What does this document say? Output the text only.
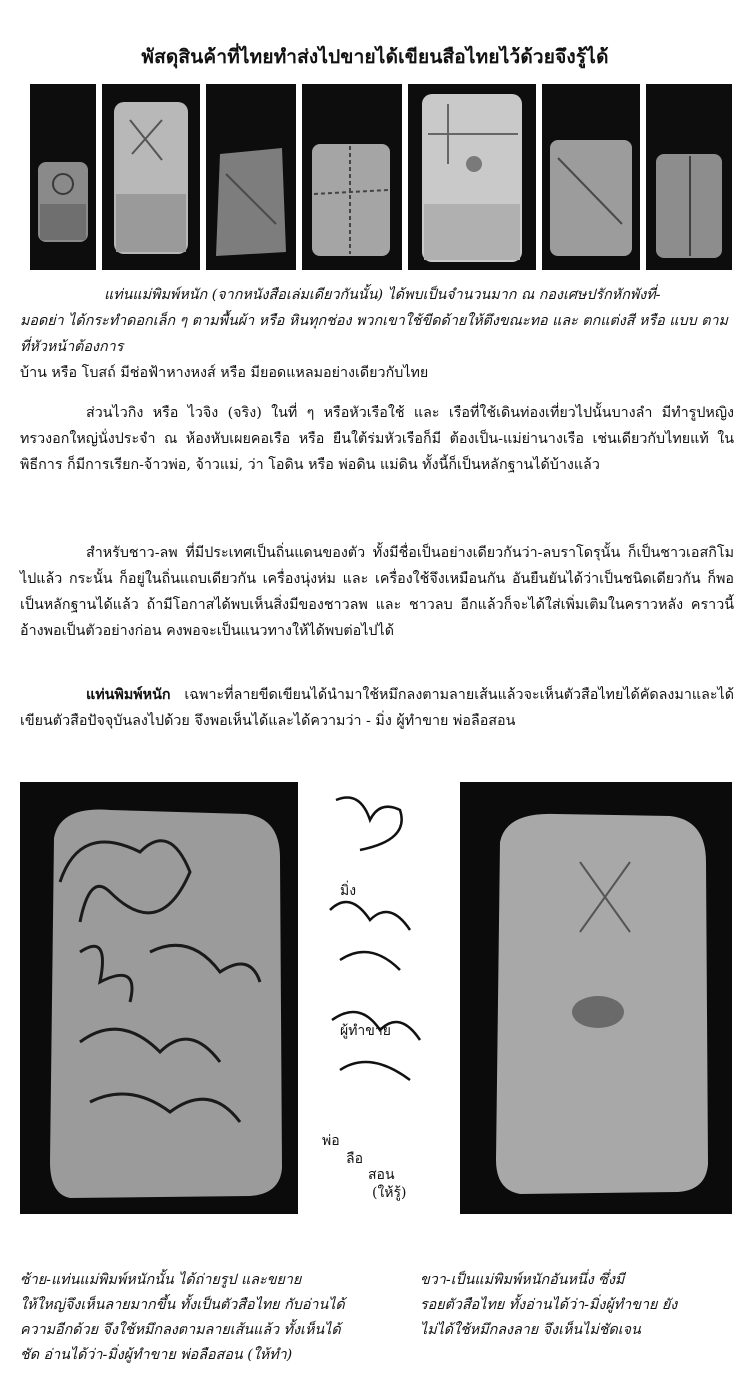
พัสดุสินค้าที่ไทยทำส่งไปขายได้เขียนสือไทยไว้ด้วยจึงรู้ได้
แท่นแม่พิมพ์หนัก (จากหนังสือเล่มเดียวกันนั้น) ได้พบเป็นจำนวนมาก ณ กองเศษปรักหักพังที่-
มอดย่า ได้กระทำดอกเล็ก ๆ ตามพื้นผ้า หรือ หินทุกช่อง พวกเขาใช้ขีดด้ายให้ตึงขณะทอ และ ตกแต่งสี หรือ แบบ ตาม
ที่หัวหน้าต้องการ
บ้าน หรือ โบสถ์ มีช่อฟ้าหางหงส์ หรือ มียอดแหลมอย่างเดียวกับไทย
ส่วนไวกิง หรือ ไวจิง (จริง) ในที่ ๆ หรือหัวเรือใช้ และ เรือที่ใช้เดินท่องเที่ยวไปนั้นบางลำ มีทำรูปหญิงทรวงอกใหญ่นั่งประจำ ณ ห้องหับเผยคอเรือ หรือ ยืนใต้ร่มหัวเรือก็มี ต้องเป็น-แม่ย่านางเรือ เช่นเดียวกับไทยแท้ ในพิธีการ ก็มีการเรียก-จ้าวพ่อ, จ้าวแม่, ว่า โอดิน หรือ พ่อดิน แม่ดิน ทั้งนี้ก็เป็นหลักฐานได้บ้างแล้ว
สำหรับชาว-ลพ ที่มีประเทศเป็นถิ่นแดนของตัว ทั้งมีชื่อเป็นอย่างเดียวกันว่า-ลบราโดรุนั้น ก็เป็นชาวเอสกิโมไปแล้ว กระนั้น ก็อยู่ในถิ่นแถบเดียวกัน เครื่องนุ่งห่ม และ เครื่องใช้จึงเหมือนกัน อันยืนยันได้ว่าเป็นชนิดเดียวกัน ก็พอเป็นหลักฐานได้แล้ว ถ้ามีโอกาสได้พบเห็นสิ่งมีของชาวลพ และ ชาวลบ อีกแล้วก็จะได้ใส่เพิ่มเติมในคราวหลัง คราวนี้อ้างพอเป็นตัวอย่างก่อน คงพอจะเป็นแนวทางให้ได้พบต่อไปได้
แท่นพิมพ์หนัก เฉพาะที่ลายขีดเขียนได้นำมาใช้หมึกลงตามลายเส้นแล้วจะเห็นตัวสือไทยได้คัดลงมาและได้เขียนตัวสือปัจจุบันลงไปด้วย จึงพอเห็นได้และได้ความว่า - มิ่ง ผู้ทำขาย พ่อลือสอน
มิ่ง
ผู้ทำขาย
พ่อ
ลือ
สอน
(ให้รู้)
ซ้าย-แท่นแม่พิมพ์หนักนั้น ได้ถ่ายรูป และขยาย
ให้ใหญ่จึงเห็นลายมากขึ้น ทั้งเป็นตัวสือไทย กับอ่านได้
ความอีกด้วย จึงใช้หมึกลงตามลายเส้นแล้ว ทั้งเห็นได้
ชัด อ่านได้ว่า-มิ่งผู้ทำขาย พ่อลือสอน (ให้ทำ)
ขวา-เป็นแม่พิมพ์หนักอันหนึ่ง ซึ่งมี
รอยตัวสือไทย ทั้งอ่านได้ว่า-มิ่งผู้ทำขาย ยัง
ไม่ได้ใช้หมึกลงลาย จึงเห็นไม่ชัดเจน
